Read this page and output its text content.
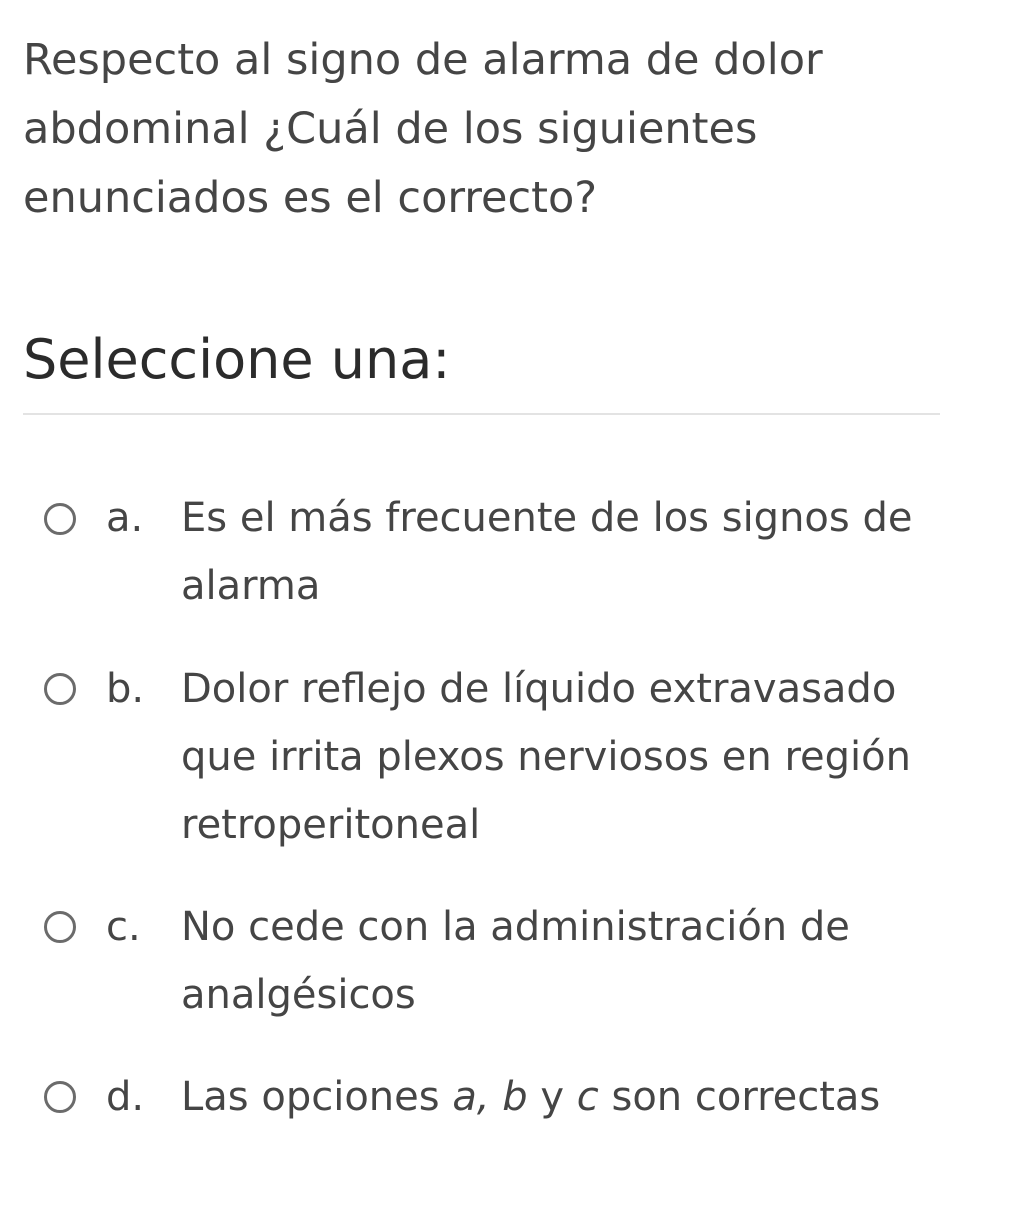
Respecto al signo de alarma de dolor abdominal ¿Cuál de los siguientes enunciados es el correcto?

Seleccione una:

a. Es el más frecuente de los signos de alarma
b. Dolor reflejo de líquido extravasado que irrita plexos nerviosos en región retroperitoneal
c. No cede con la administración de analgésicos
d. Las opciones a, b y c son correctas
